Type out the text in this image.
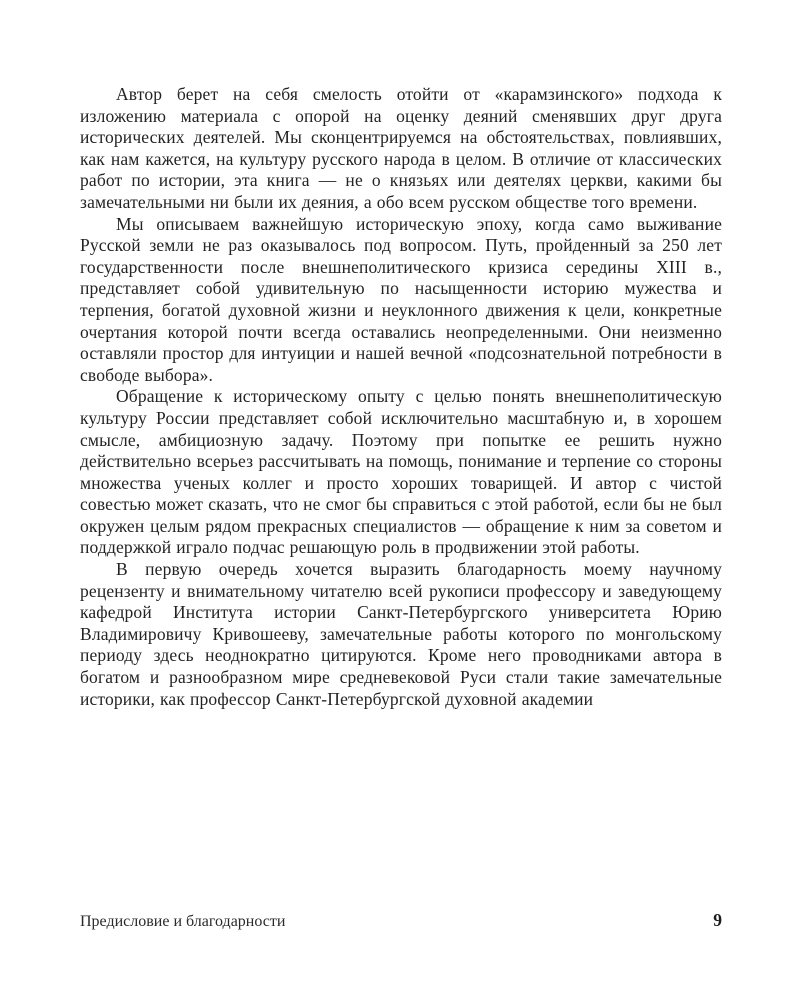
Автор берет на себя смелость отойти от «карамзинского» подхода к изложению материала с опорой на оценку деяний сменявших друг друга исторических деятелей. Мы сконцентрируемся на обстоятельствах, повлиявших, как нам кажется, на культуру русского народа в целом. В отличие от классических работ по истории, эта книга — не о князьях или деятелях церкви, какими бы замечательными ни были их деяния, а обо всем русском обществе того времени.

Мы описываем важнейшую историческую эпоху, когда само выживание Русской земли не раз оказывалось под вопросом. Путь, пройденный за 250 лет государственности после внешнеполитического кризиса середины XIII в., представляет собой удивительную по насыщенности историю мужества и терпения, богатой духовной жизни и неуклонного движения к цели, конкретные очертания которой почти всегда оставались неопределенными. Они неизменно оставляли простор для интуиции и нашей вечной «подсознательной потребности в свободе выбора».

Обращение к историческому опыту с целью понять внешнеполитическую культуру России представляет собой исключительно масштабную и, в хорошем смысле, амбициозную задачу. Поэтому при попытке ее решить нужно действительно всерьез рассчитывать на помощь, понимание и терпение со стороны множества ученых коллег и просто хороших товарищей. И автор с чистой совестью может сказать, что не смог бы справиться с этой работой, если бы не был окружен целым рядом прекрасных специалистов — обращение к ним за советом и поддержкой играло подчас решающую роль в продвижении этой работы.

В первую очередь хочется выразить благодарность моему научному рецензенту и внимательному читателю всей рукописи профессору и заведующему кафедрой Института истории Санкт-Петербургского университета Юрию Владимировичу Кривошееву, замечательные работы которого по монгольскому периоду здесь неоднократно цитируются. Кроме него проводниками автора в богатом и разнообразном мире средневековой Руси стали такие замечательные историки, как профессор Санкт-Петербургской духовной академии

Предисловие и благодарности	9
